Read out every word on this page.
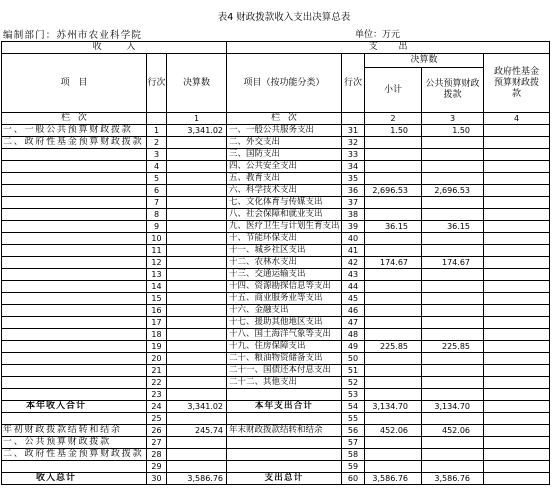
表4 财政拨款收入支出决算总表
编制部门：苏州市农业科学院	单位：万元
收 入			支 出				
项 目	行次	决算数	项目（按功能分类）	行次	决算数		政府性基金预算财政拨款
					小计	公共预算财政拨款	
栏 次		1	栏 次		2	3	4
一、一般公共预算财政拨款	1	3,341.02	一、一般公共服务支出	31	1.50	1.50	
二、政府性基金预算财政拨款	2		二、外交支出	32			
	3		三、国防支出	33			
	4		四、公共安全支出	34			
	5		五、教育支出	35			
	6		六、科学技术支出	36	2,696.53	2,696.53	
	7		七、文化体育与传媒支出	37			
	8		八、社会保障和就业支出	38			
	9		九、医疗卫生与计划生育支出	39	36.15	36.15	
	10		十、节能环保支出	40			
	11		十一、城乡社区支出	41			
	12		十二、农林水支出	42	174.67	174.67	
	13		十三、交通运输支出	43			
	14		十四、资源勘探信息等支出	44			
	15		十五、商业服务业等支出	45			
	16		十六、金融支出	46			
	17		十七、援助其他地区支出	47			
	18		十八、国土海洋气象等支出	48			
	19		十九、住房保障支出	49	225.85	225.85	
	20		二十、粮油物资储备支出	50			
	21		二十一、国债还本付息支出	51			
	22		二十二、其他支出	52			
	23			53			
本年收入合计	24	3,341.02	本年支出合计	54	3,134.70	3,134.70	
	25			55			
年初财政拨款结转和结余	26	245.74	年末财政拨款结转和结余	56	452.06	452.06	
一、公共预算财政拨款	27			57			
二、政府性基金预算财政拨款	28			58			
	29			59			
收入总计	30	3,586.76	支出总计	60	3,586.76	3,586.76	
